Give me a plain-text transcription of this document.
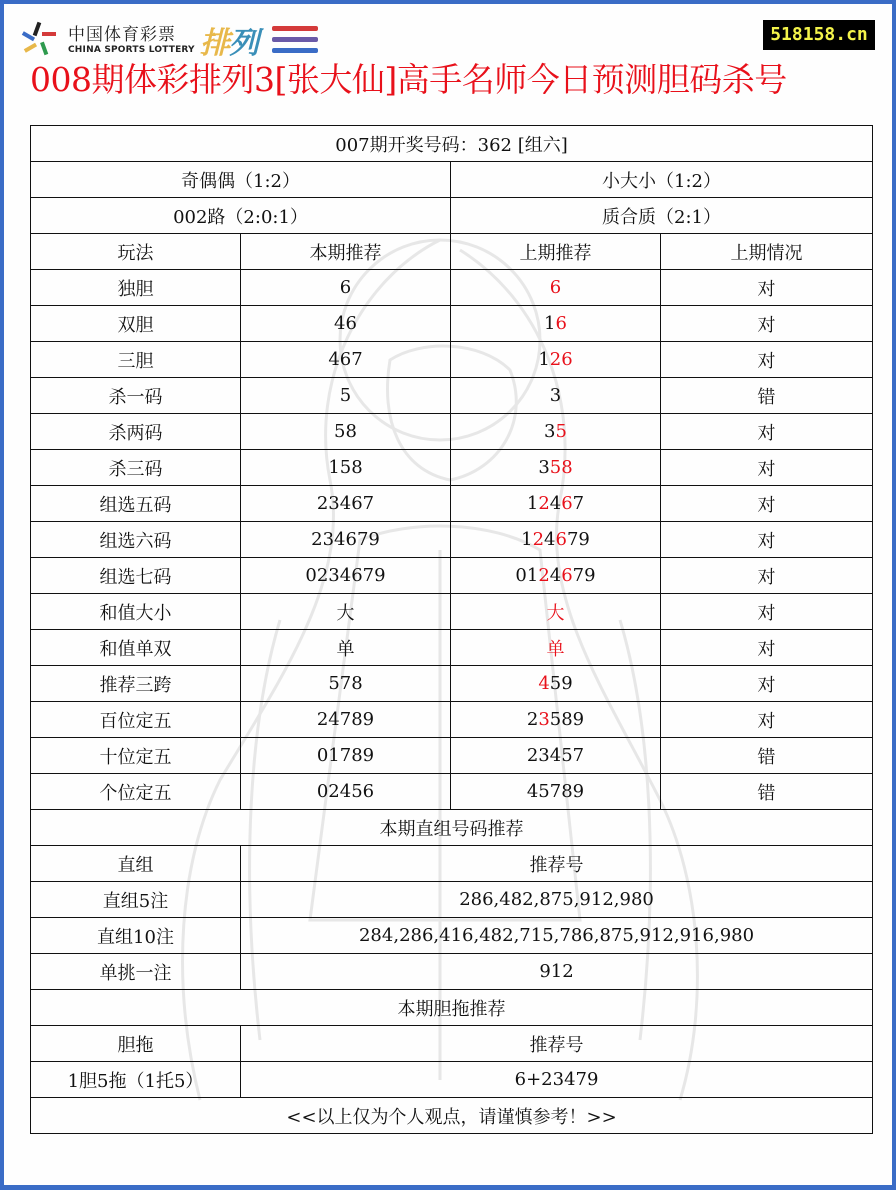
中国体育彩票
CHINA SPORTS LOTTERY 排列	518158.cn
008期体彩排列3[张大仙]高手名师今日预测胆码杀号
007期开奖号码：362 [组六]			
奇偶偶（1:2）		小大小（1:2）	
002路（2:0:1）		质合质（2:1）	
玩法	本期推荐	上期推荐	上期情况
独胆	6	6	对
双胆	46	16	对
三胆	467	126	对
杀一码	5	3	错
杀两码	58	35	对
杀三码	158	358	对
组选五码	23467	12467	对
组选六码	234679	124679	对
组选七码	0234679	0124679	对
和值大小	大	大	对
和值单双	单	单	对
推荐三跨	578	459	对
百位定五	24789	23589	对
十位定五	01789	23457	错
个位定五	02456	45789	错
本期直组号码推荐			
直组	推荐号		
直组5注	286,482,875,912,980		
直组10注	284,286,416,482,715,786,875,912,916,980		
单挑一注	912		
本期胆拖推荐			
胆拖	推荐号		
1胆5拖（1托5）	6+23479		
<<以上仅为个人观点，请谨慎参考！>>			
